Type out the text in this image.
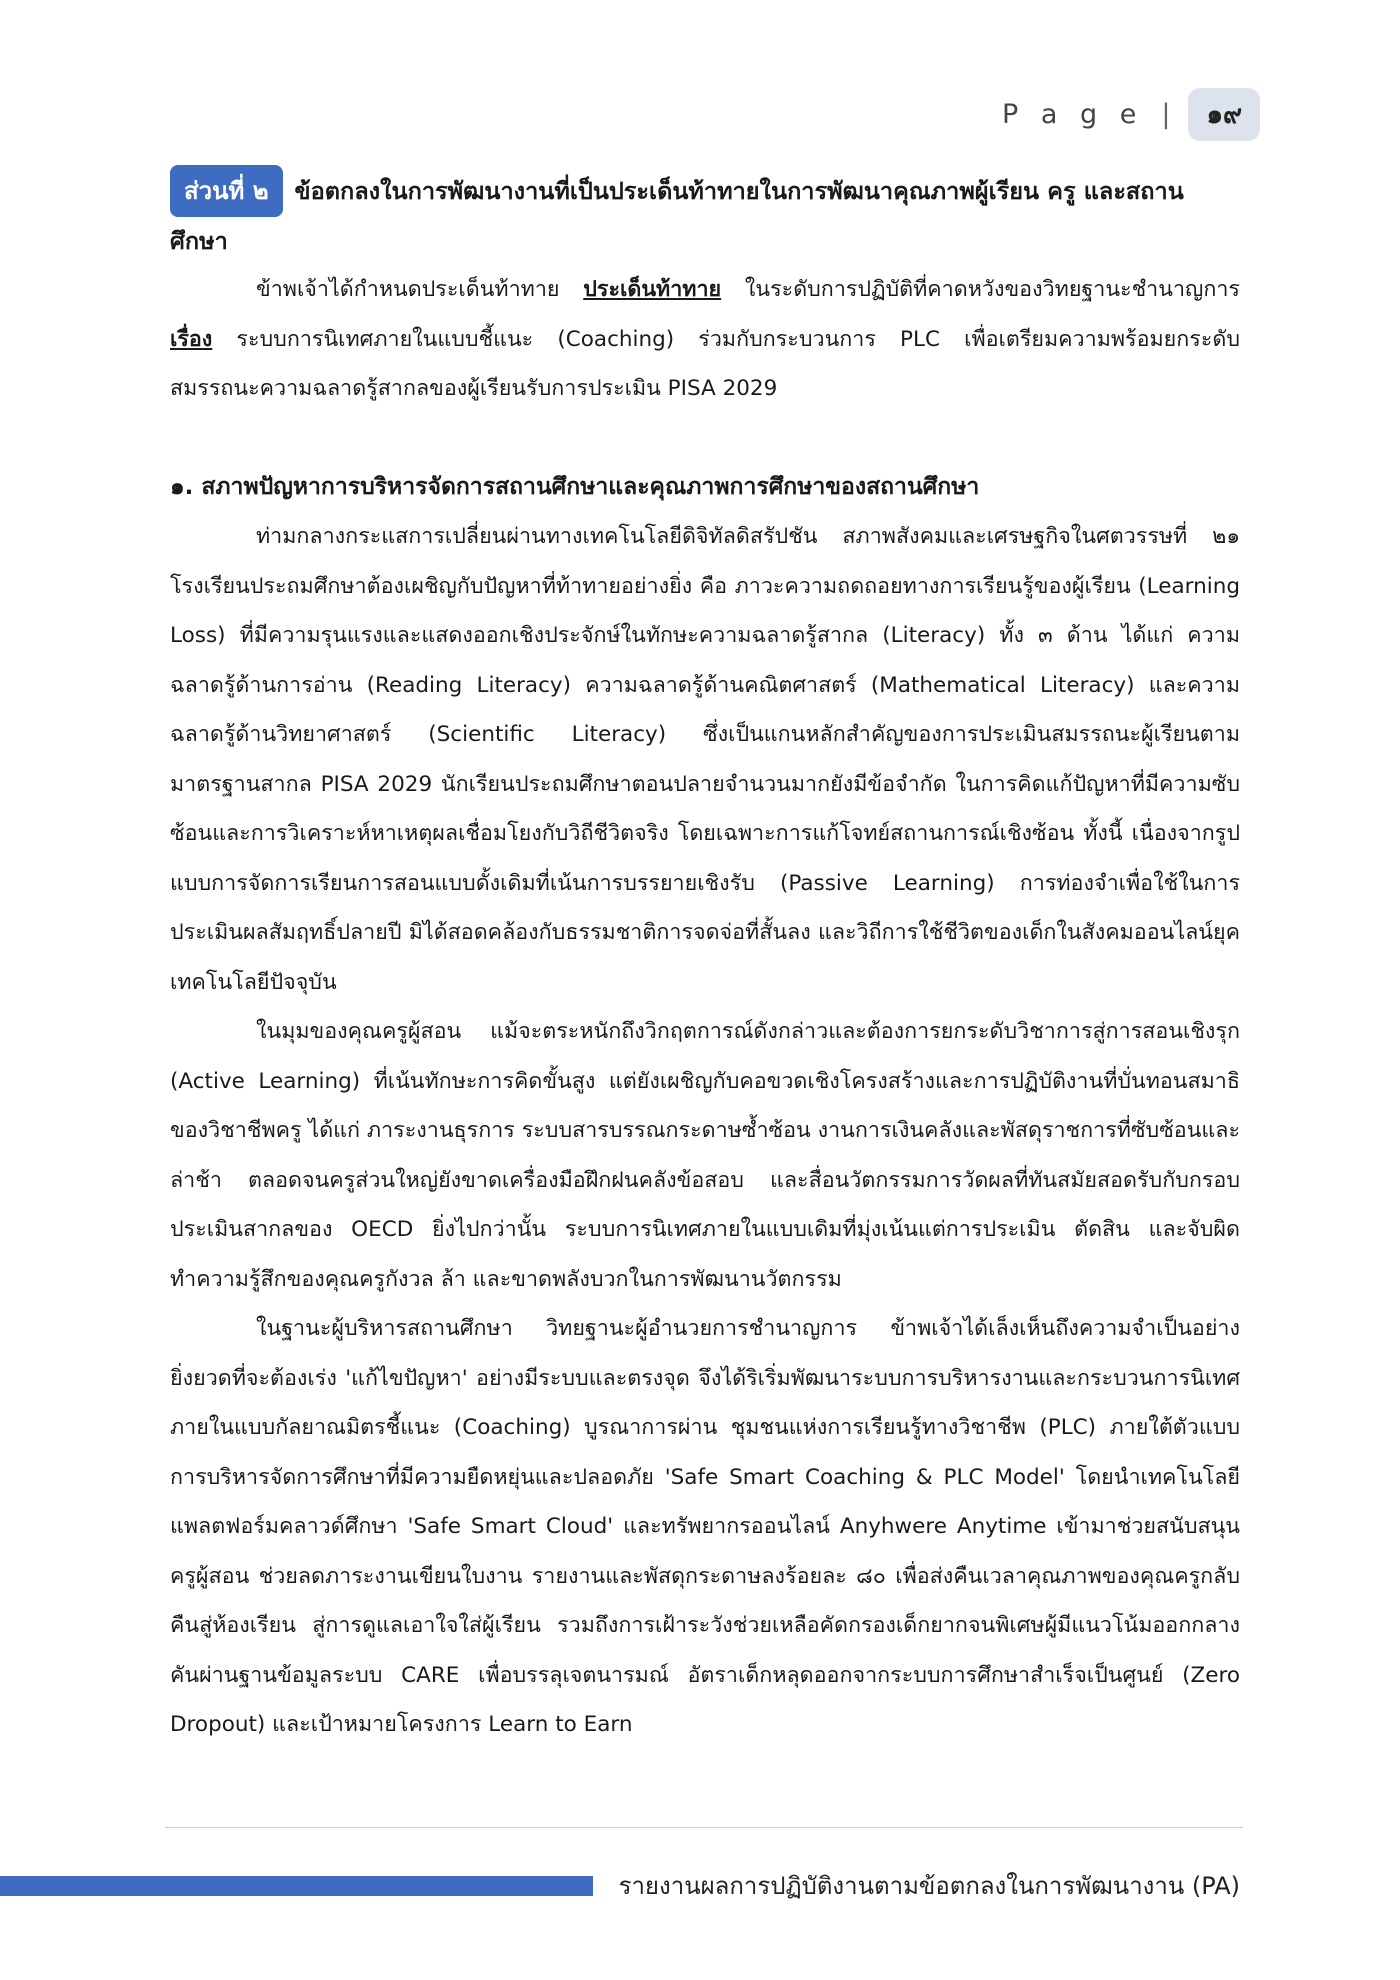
P a g e |	๑๙
ส่วนที่ ๒ ข้อตกลงในการพัฒนางานที่เป็นประเด็นท้าทายในการพัฒนาคุณภาพผู้เรียน ครู และสถานศึกษา

ข้าพเจ้าได้กำหนดประเด็นท้าทาย ประเด็นท้าทาย ในระดับการปฏิบัติที่คาดหวังของวิทยฐานะชำนาญการ เรื่อง ระบบการนิเทศภายในแบบชี้แนะ (Coaching) ร่วมกับกระบวนการ PLC เพื่อเตรียมความพร้อมยกระดับสมรรถนะความฉลาดรู้สากลของผู้เรียนรับการประเมิน PISA 2029

๑. สภาพปัญหาการบริหารจัดการสถานศึกษาและคุณภาพการศึกษาของสถานศึกษา

ท่ามกลางกระแสการเปลี่ยนผ่านทางเทคโนโลยีดิจิทัลดิสรัปชัน สภาพสังคมและเศรษฐกิจในศตวรรษที่ ๒๑ โรงเรียนประถมศึกษาต้องเผชิญกับปัญหาที่ท้าทายอย่างยิ่ง คือ ภาวะความถดถอยทางการเรียนรู้ของผู้เรียน (Learning Loss) ที่มีความรุนแรงและแสดงออกเชิงประจักษ์ในทักษะความฉลาดรู้สากล (Literacy) ทั้ง ๓ ด้าน ได้แก่ ความฉลาดรู้ด้านการอ่าน (Reading Literacy) ความฉลาดรู้ด้านคณิตศาสตร์ (Mathematical Literacy) และความฉลาดรู้ด้านวิทยาศาสตร์ (Scientific Literacy) ซึ่งเป็นแกนหลักสำคัญของการประเมินสมรรถนะผู้เรียนตามมาตรฐานสากล PISA 2029 นักเรียนประถมศึกษาตอนปลายจำนวนมากยังมีข้อจำกัด ในการคิดแก้ปัญหาที่มีความซับซ้อนและการวิเคราะห์หาเหตุผลเชื่อมโยงกับวิถีชีวิตจริง โดยเฉพาะการแก้โจทย์สถานการณ์เชิงซ้อน ทั้งนี้ เนื่องจากรูปแบบการจัดการเรียนการสอนแบบดั้งเดิมที่เน้นการบรรยายเชิงรับ (Passive Learning) การท่องจำเพื่อใช้ในการประเมินผลสัมฤทธิ์ปลายปี มิได้สอดคล้องกับธรรมชาติการจดจ่อที่สั้นลง และวิถีการใช้ชีวิตของเด็กในสังคมออนไลน์ยุคเทคโนโลยีปัจจุบัน

ในมุมของคุณครูผู้สอน แม้จะตระหนักถึงวิกฤตการณ์ดังกล่าวและต้องการยกระดับวิชาการสู่การสอนเชิงรุก (Active Learning) ที่เน้นทักษะการคิดขั้นสูง แต่ยังเผชิญกับคอขวดเชิงโครงสร้างและการปฏิบัติงานที่บั่นทอนสมาธิของวิชาชีพครู ได้แก่ ภาระงานธุรการ ระบบสารบรรณกระดาษซ้ำซ้อน งานการเงินคลังและพัสดุราชการที่ซับซ้อนและล่าช้า ตลอดจนครูส่วนใหญ่ยังขาดเครื่องมือฝึกฝนคลังข้อสอบ และสื่อนวัตกรรมการวัดผลที่ทันสมัยสอดรับกับกรอบประเมินสากลของ OECD ยิ่งไปกว่านั้น ระบบการนิเทศภายในแบบเดิมที่มุ่งเน้นแต่การประเมิน ตัดสิน และจับผิด ทำความรู้สึกของคุณครูกังวล ล้า และขาดพลังบวกในการพัฒนานวัตกรรม

ในฐานะผู้บริหารสถานศึกษา วิทยฐานะผู้อำนวยการชำนาญการ ข้าพเจ้าได้เล็งเห็นถึงความจำเป็นอย่างยิ่งยวดที่จะต้องเร่ง 'แก้ไขปัญหา' อย่างมีระบบและตรงจุด จึงได้ริเริ่มพัฒนาระบบการบริหารงานและกระบวนการนิเทศภายในแบบกัลยาณมิตรชี้แนะ (Coaching) บูรณาการผ่าน ชุมชนแห่งการเรียนรู้ทางวิชาชีพ (PLC) ภายใต้ตัวแบบการบริหารจัดการศึกษาที่มีความยืดหยุ่นและปลอดภัย 'Safe Smart Coaching & PLC Model' โดยนำเทคโนโลยีแพลตฟอร์มคลาวด์ศึกษา 'Safe Smart Cloud' และทรัพยากรออนไลน์ Anyhwere Anytime เข้ามาช่วยสนับสนุนครูผู้สอน ช่วยลดภาระงานเขียนใบงาน รายงานและพัสดุกระดาษลงร้อยละ ๘๐ เพื่อส่งคืนเวลาคุณภาพของคุณครูกลับคืนสู่ห้องเรียน สู่การดูแลเอาใจใส่ผู้เรียน รวมถึงการเฝ้าระวังช่วยเหลือคัดกรองเด็กยากจนพิเศษผู้มีแนวโน้มออกกลางคันผ่านฐานข้อมูลระบบ CARE เพื่อบรรลุเจตนารมณ์ อัตราเด็กหลุดออกจากระบบการศึกษาสำเร็จเป็นศูนย์ (Zero Dropout) และเป้าหมายโครงการ Learn to Earn

รายงานผลการปฏิบัติงานตามข้อตกลงในการพัฒนางาน (PA)
